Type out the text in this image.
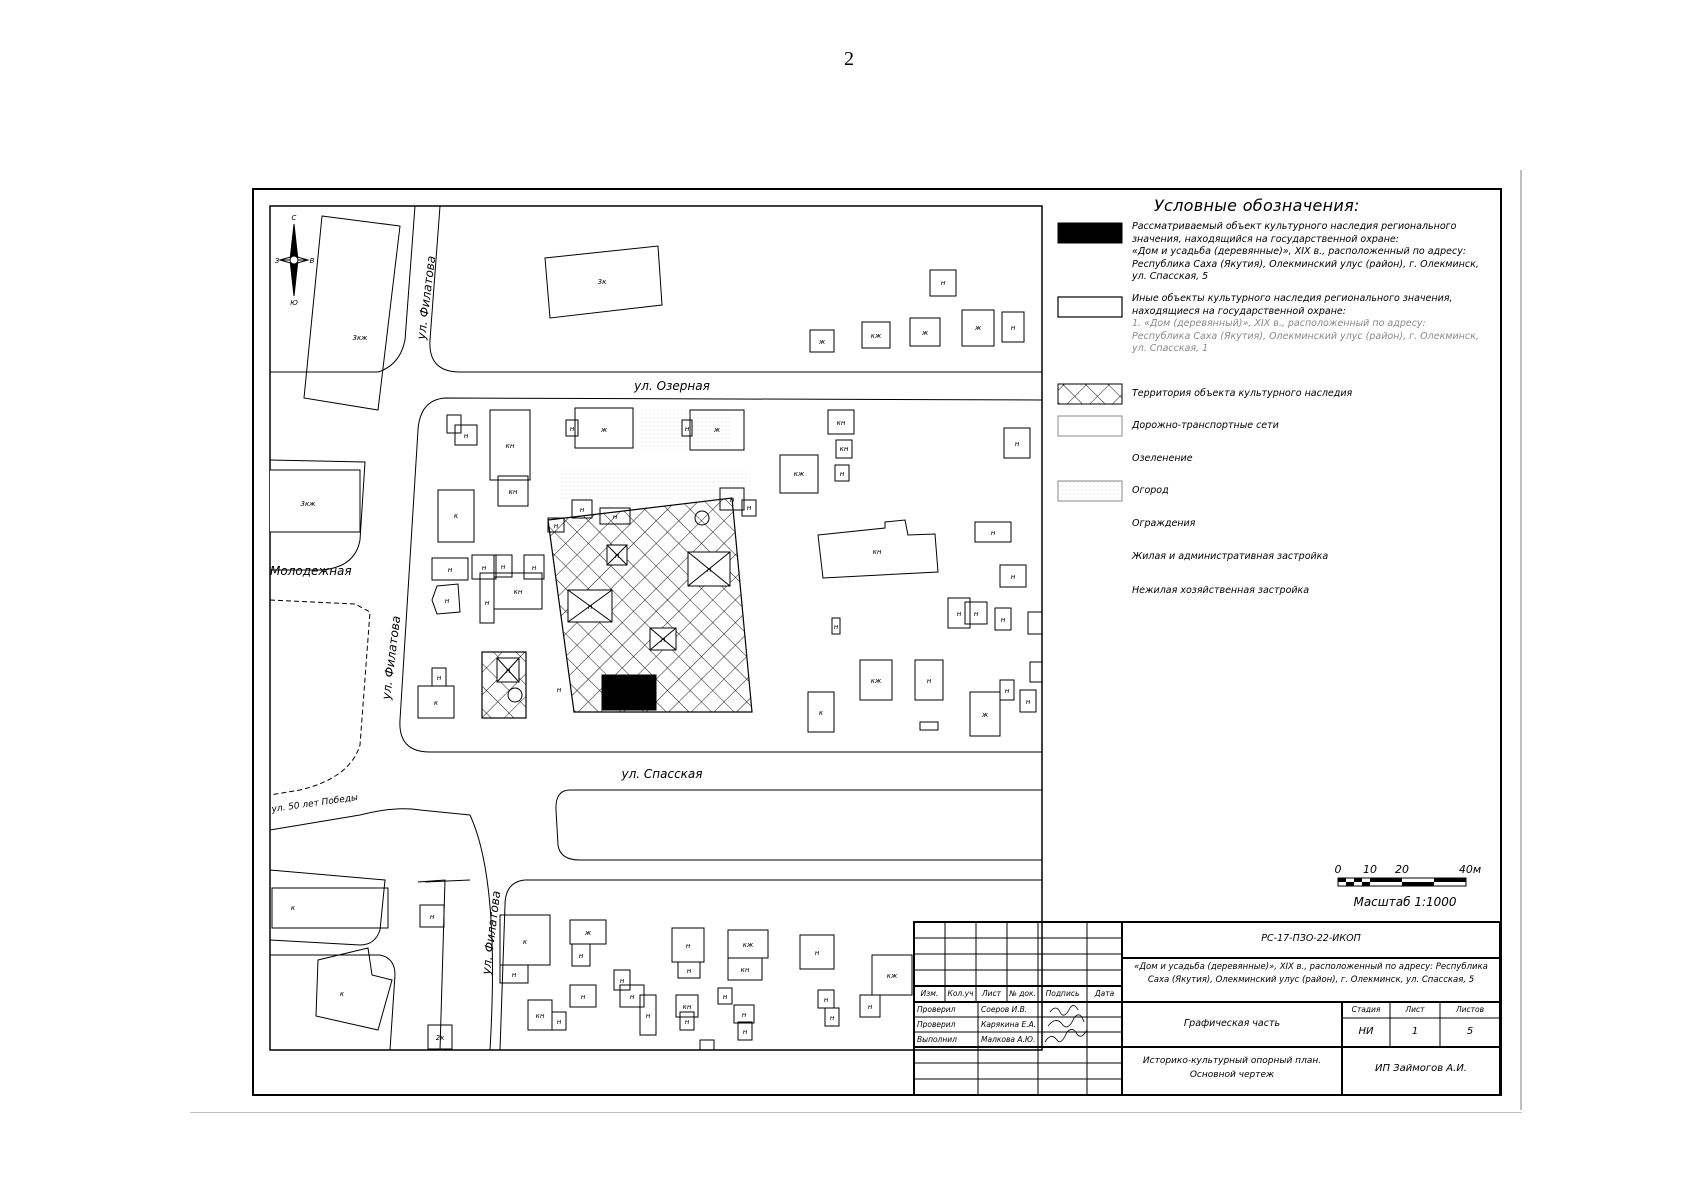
2
С
Ю
З	В
ул. Озерная
ул. Спасская
ул. Филатова
ул. Филатова
ул. Филатова
Молодежная
ул. 50 лет Победы
3к
3кж
3кж
н
ж
кж	ж
ж	н
н
кн
кн
ж
н	ж
н
кн
кн
н
кж
н
к
н
н
н
н
н
н
н
н
н
н	н н	н
кн
н
н
н
к
н
н
кн
н
н
н н
н
н
кж	н
к	ж
н
н
н
к
к
н
ж
н
н
н
н
кн
н
н
н
н
кн
н
кж
кн
н
н
н
н
н
н
н
кж
к
2к
0 10 20	40м
Масштаб 1:1000
Условные обозначения:
Рассматриваемый объект культурного наследия регионального
значения, находящийся на государственной охране:
«Дом и усадьба (деревянные)», XIX в., расположенный по адресу:
Республика Саха (Якутия), Олекминский улус (район), г. Олекминск,
ул. Спасская, 5
Иные объекты культурного наследия регионального значения,
находящиеся на государственной охране:
1. «Дом (деревянный)», XIX в., расположенный по адресу:
Республика Саха (Якутия), Олекминский улус (район), г. Олекминск,
ул. Спасская, 1
Территория объекта культурного наследия
Дорожно-транспортные сети
Озеленение
Огород
Ограждения
Жилая и административная застройка
Нежилая хозяйственная застройка
РС-17-ПЗО-22-ИКОП
«Дом и усадьба (деревянные)», XIX в., расположенный по адресу: Республика
Саха (Якутия), Олекминский улус (район), г. Олекминск, ул. Спасская, 5
Графическая часть
Историко-культурный опорный план.
Основной чертеж
ИП Займогов А.И.
Стадия	Лист	Листов
НИ	1	5
Изм.	Кол.уч	Лист	№ док.	Подпись	Дата
Проверил	Соеров И.В.
Проверил	Карякина Е.А.
Выполнил	Малкова А.Ю.
